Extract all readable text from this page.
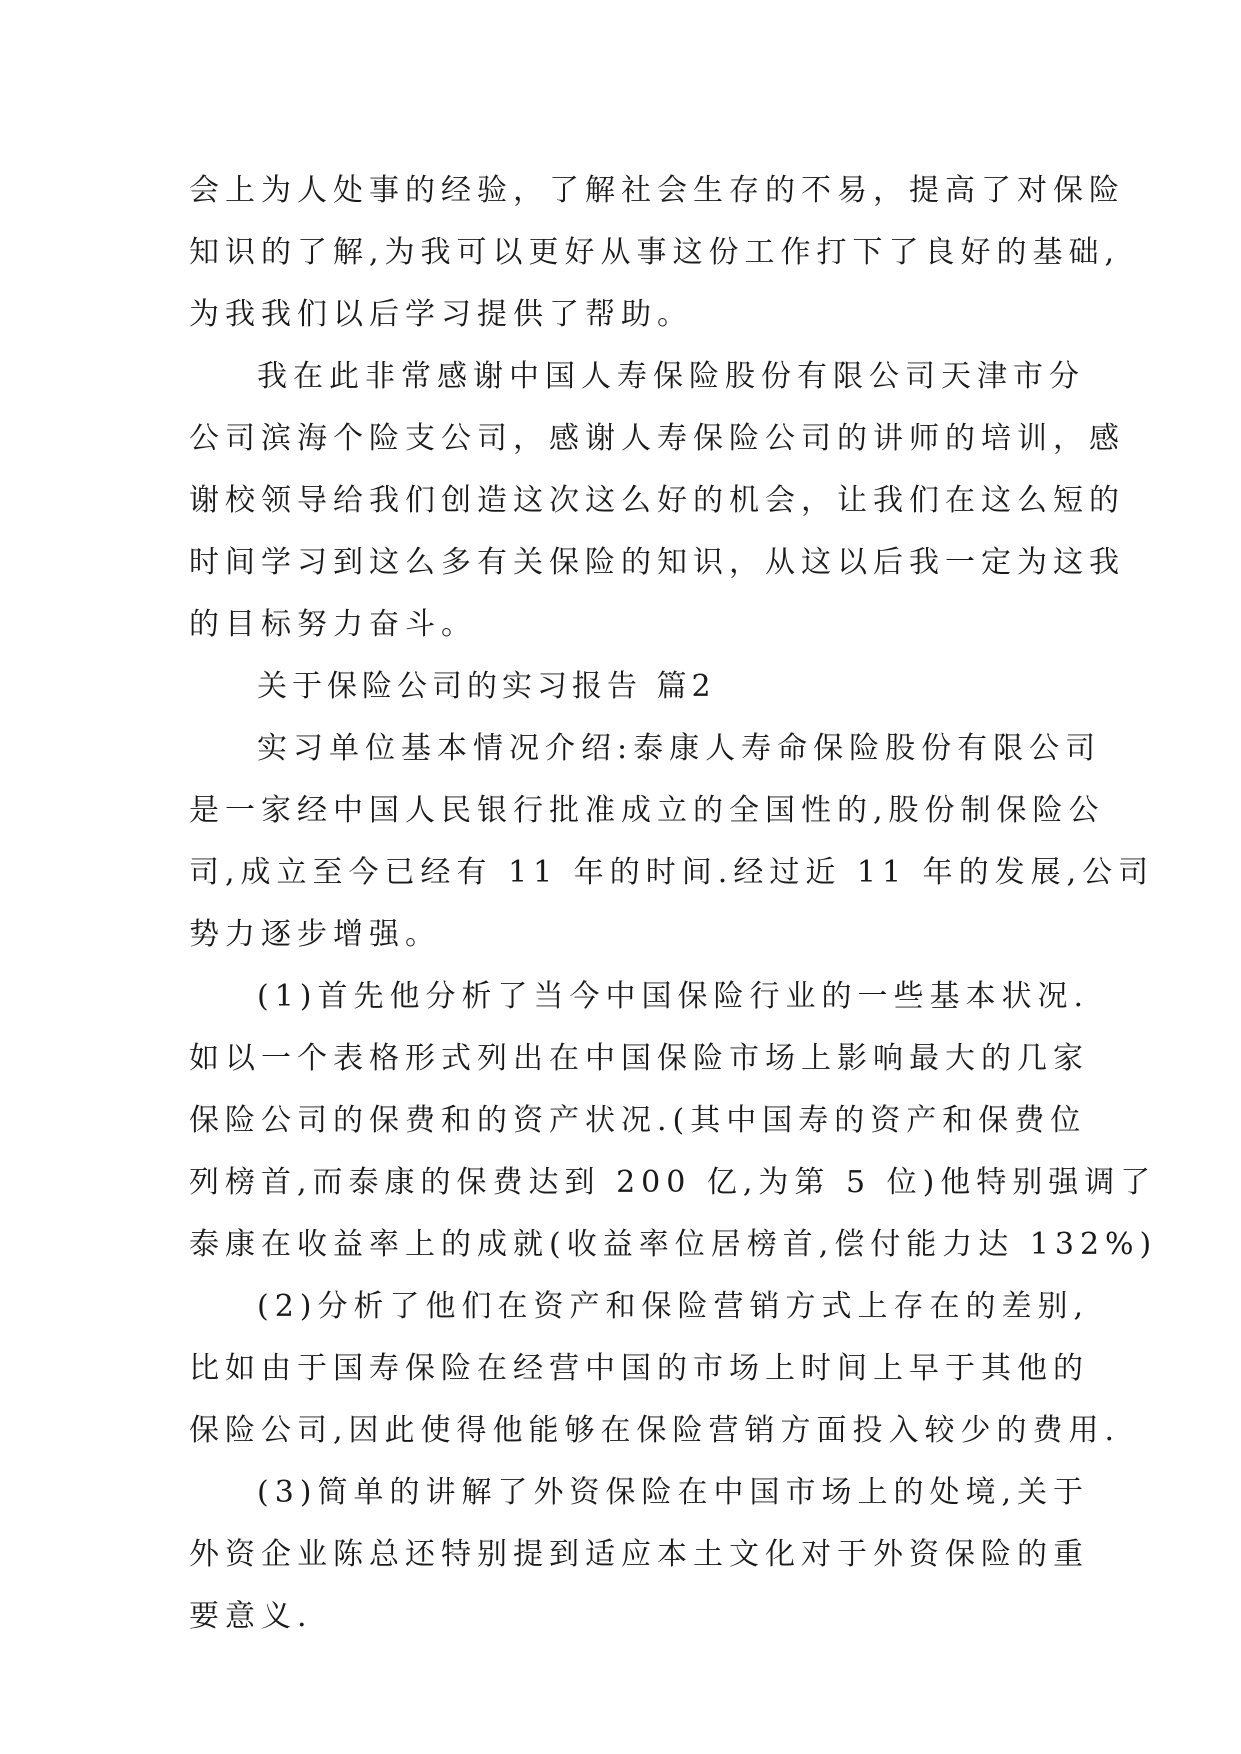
会上为人处事的经验，了解社会生存的不易，提高了对保险
知识的了解,为我可以更好从事这份工作打下了良好的基础,
为我我们以后学习提供了帮助。
我在此非常感谢中国人寿保险股份有限公司天津市分
公司滨海个险支公司，感谢人寿保险公司的讲师的培训，感
谢校领导给我们创造这次这么好的机会，让我们在这么短的
时间学习到这么多有关保险的知识，从这以后我一定为这我
的目标努力奋斗。
关于保险公司的实习报告 篇2
实习单位基本情况介绍:泰康人寿命保险股份有限公司
是一家经中国人民银行批准成立的全国性的,股份制保险公
司,成立至今已经有 11 年的时间.经过近 11 年的发展,公司
势力逐步增强。
(1)首先他分析了当今中国保险行业的一些基本状况.
如以一个表格形式列出在中国保险市场上影响最大的几家
保险公司的保费和的资产状况.(其中国寿的资产和保费位
列榜首,而泰康的保费达到 200 亿,为第 5 位)他特别强调了
泰康在收益率上的成就(收益率位居榜首,偿付能力达 132%)
(2)分析了他们在资产和保险营销方式上存在的差别,
比如由于国寿保险在经营中国的市场上时间上早于其他的
保险公司,因此使得他能够在保险营销方面投入较少的费用.
(3)简单的讲解了外资保险在中国市场上的处境,关于
外资企业陈总还特别提到适应本土文化对于外资保险的重
要意义.
